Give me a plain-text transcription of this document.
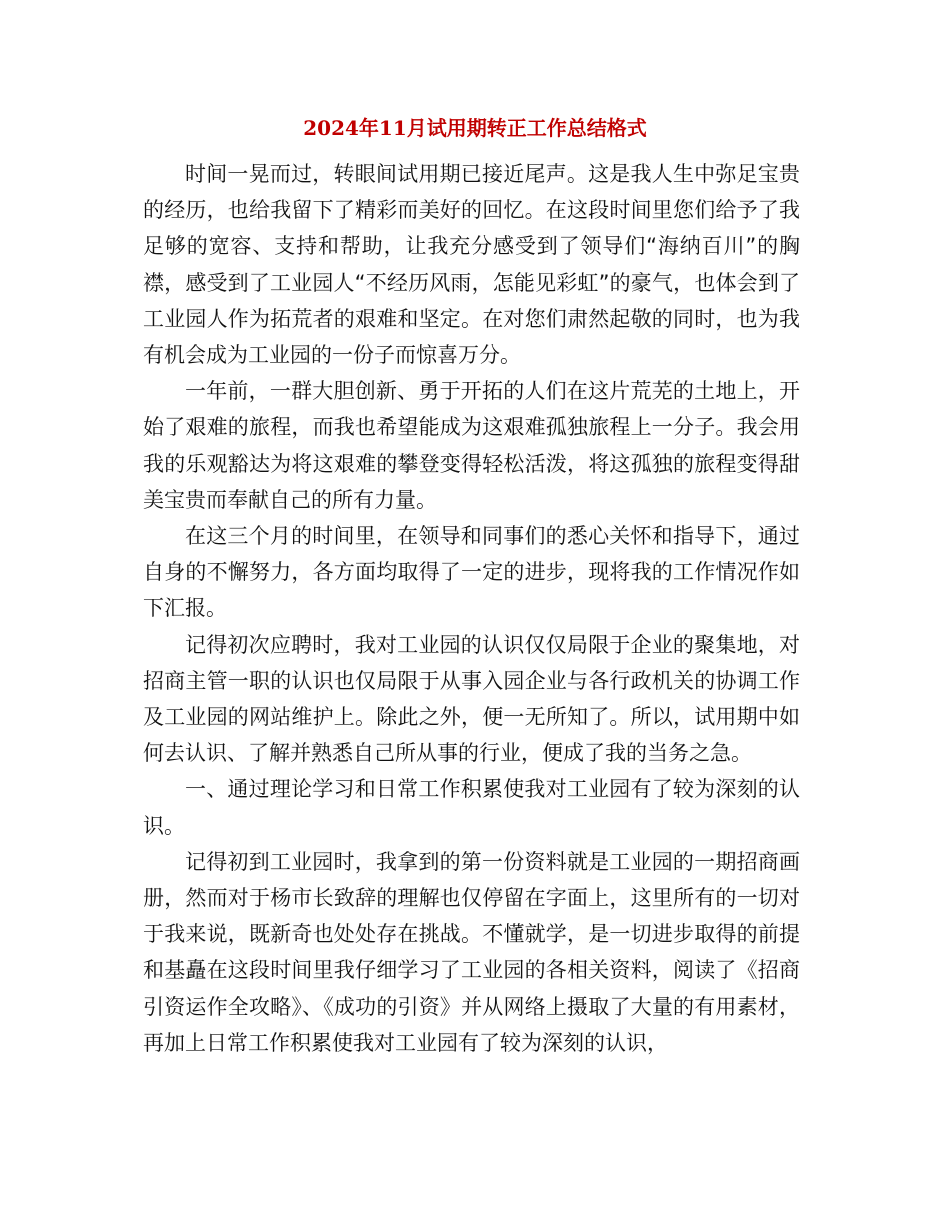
2024年11月试用期转正工作总结格式

时间一晃而过，转眼间试用期已接近尾声。这是我人生中弥足宝贵的经历，也给我留下了精彩而美好的回忆。在这段时间里您们给予了我足够的宽容、支持和帮助，让我充分感受到了领导们“海纳百川”的胸襟，感受到了工业园人“不经历风雨，怎能见彩虹”的豪气，也体会到了工业园人作为拓荒者的艰难和坚定。在对您们肃然起敬的同时，也为我有机会成为工业园的一份子而惊喜万分。

一年前，一群大胆创新、勇于开拓的人们在这片荒芜的土地上，开始了艰难的旅程，而我也希望能成为这艰难孤独旅程上一分子。我会用我的乐观豁达为将这艰难的攀登变得轻松活泼，将这孤独的旅程变得甜美宝贵而奉献自己的所有力量。

在这三个月的时间里，在领导和同事们的悉心关怀和指导下，通过自身的不懈努力，各方面均取得了一定的进步，现将我的工作情况作如下汇报。

记得初次应聘时，我对工业园的认识仅仅局限于企业的聚集地，对招商主管一职的认识也仅局限于从事入园企业与各行政机关的协调工作及工业园的网站维护上。除此之外，便一无所知了。所以，试用期中如何去认识、了解并熟悉自己所从事的行业，便成了我的当务之急。

一、通过理论学习和日常工作积累使我对工业园有了较为深刻的认识。

记得初到工业园时，我拿到的第一份资料就是工业园的一期招商画册，然而对于杨市长致辞的理解也仅停留在字面上，这里所有的一切对于我来说，既新奇也处处存在挑战。不懂就学，是一切进步取得的前提和基矗在这段时间里我仔细学习了工业园的各相关资料，阅读了《招商引资运作全攻略》、《成功的引资》并从网络上摄取了大量的有用素材，再加上日常工作积累使我对工业园有了较为深刻的认识，
